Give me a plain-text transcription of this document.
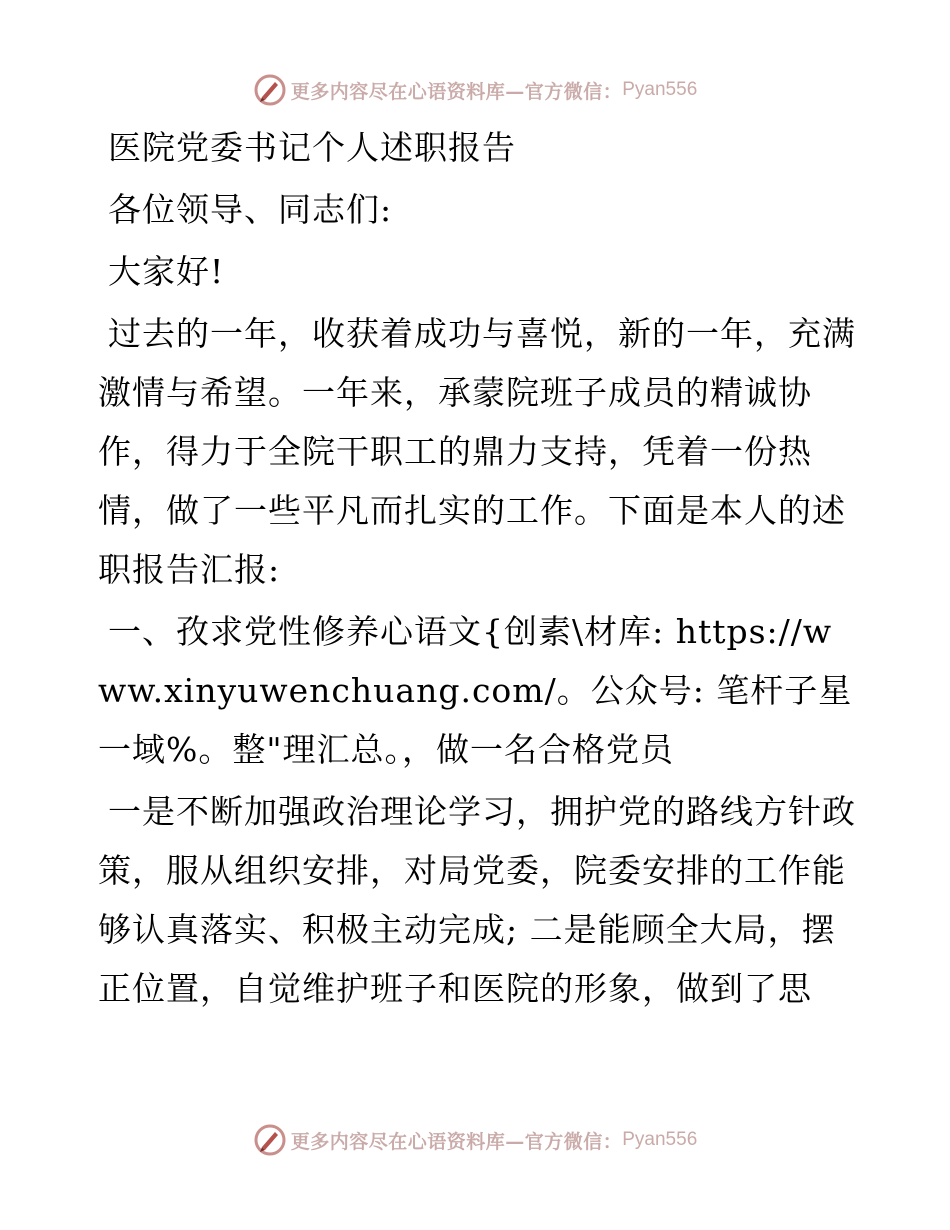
更多内容尽在心语资料库—官方微信： Pyan556

医院党委书记个人述职报告

各位领导、同志们:

大家好!

过去的一年，收获着成功与喜悦，新的一年，充满激情与希望。一年来，承蒙院班子成员的精诚协作，得力于全院干职工的鼎力支持，凭着一份热情，做了一些平凡而扎实的工作。下面是本人的述职报告汇报:

一、孜求党性修养心语文{创素\材库: https://www.xinyuwenchuang.com/。公众号: 笔杆子星一域%。整"理汇总。，做一名合格党员

一是不断加强政治理论学习，拥护党的路线方针政策，服从组织安排，对局党委，院委安排的工作能够认真落实、积极主动完成; 二是能顾全大局，摆正位置，自觉维护班子和医院的形象，做到了思

更多内容尽在心语资料库—官方微信： Pyan556
